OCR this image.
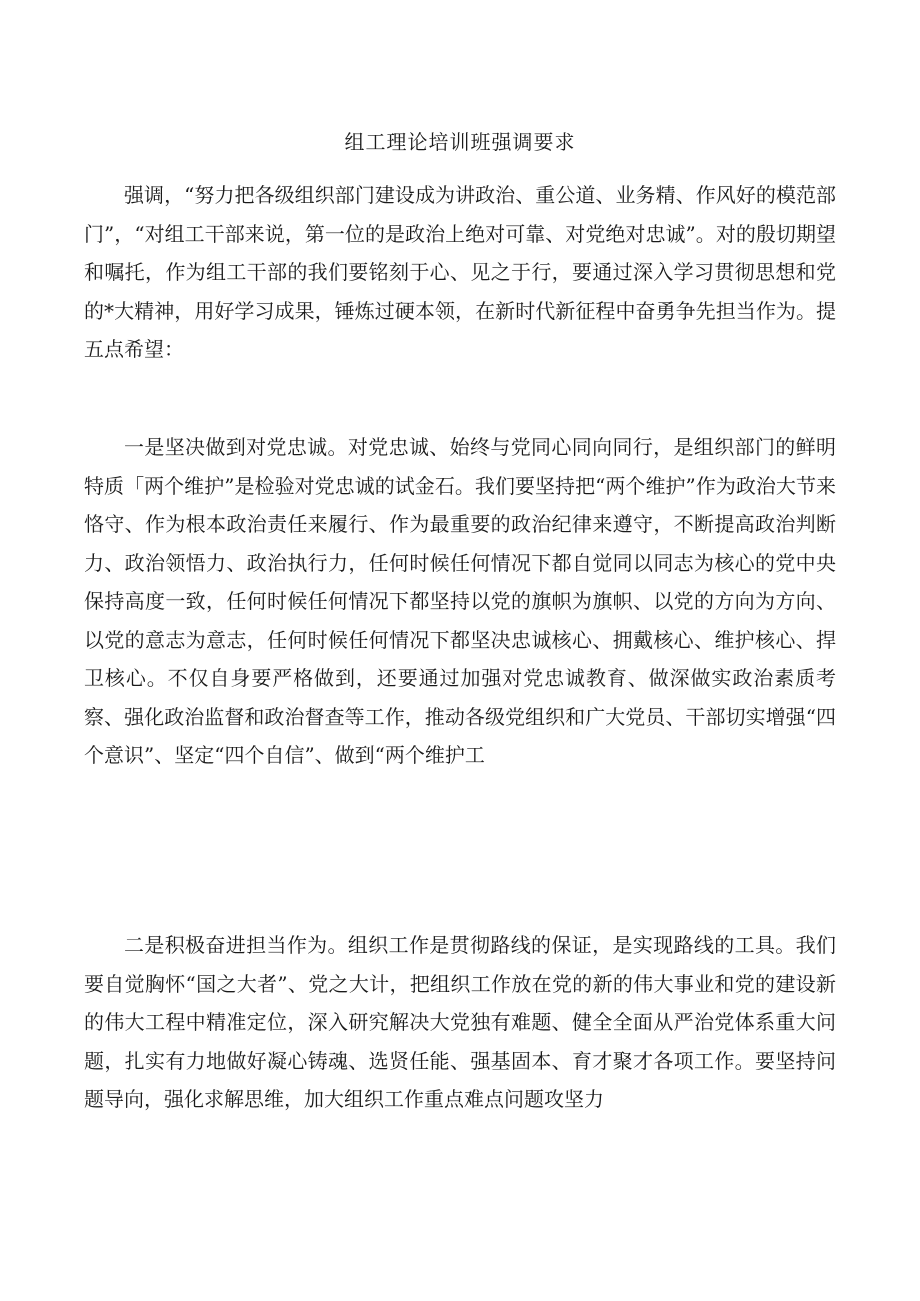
组工理论培训班强调要求

强调，“努力把各级组织部门建设成为讲政治、重公道、业务精、作风好的模范部门”，“对组工干部来说，第一位的是政治上绝对可靠、对党绝对忠诚”。对的殷切期望和嘱托，作为组工干部的我们要铭刻于心、见之于行，要通过深入学习贯彻思想和党的*大精神，用好学习成果，锤炼过硬本领，在新时代新征程中奋勇争先担当作为。提五点希望：

一是坚决做到对党忠诚。对党忠诚、始终与党同心同向同行，是组织部门的鲜明特质「两个维护”是检验对党忠诚的试金石。我们要坚持把“两个维护”作为政治大节来恪守、作为根本政治责任来履行、作为最重要的政治纪律来遵守，不断提高政治判断力、政治领悟力、政治执行力，任何时候任何情况下都自觉同以同志为核心的党中央保持高度一致，任何时候任何情况下都坚持以党的旗帜为旗帜、以党的方向为方向、以党的意志为意志，任何时候任何情况下都坚决忠诚核心、拥戴核心、维护核心、捍卫核心。不仅自身要严格做到，还要通过加强对党忠诚教育、做深做实政治素质考察、强化政治监督和政治督查等工作，推动各级党组织和广大党员、干部切实增强“四个意识”、坚定“四个自信”、做到“两个维护工

二是积极奋进担当作为。组织工作是贯彻路线的保证，是实现路线的工具。我们要自觉胸怀“国之大者”、党之大计，把组织工作放在党的新的伟大事业和党的建设新的伟大工程中精准定位，深入研究解决大党独有难题、健全全面从严治党体系重大问题，扎实有力地做好凝心铸魂、选贤任能、强基固本、育才聚才各项工作。要坚持问题导向，强化求解思维，加大组织工作重点难点问题攻坚力
